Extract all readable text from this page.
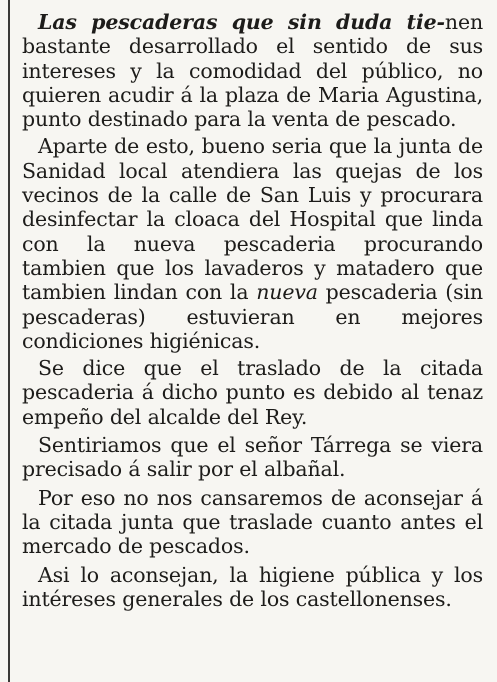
Las pescaderas que sin duda tie-nen bastante desarrollado el sentido de sus intereses y la comodidad del público, no quieren acudir á la plaza de Maria Agustina, punto destinado para la venta de pescado.

Aparte de esto, bueno seria que la junta de Sanidad local atendiera las quejas de los vecinos de la calle de San Luis y procurara desinfectar la cloaca del Hospital que linda con la nueva pescaderia procurando tambien que los lavaderos y matadero que tambien lindan con la nueva pescaderia (sin pescaderas) estuvieran en mejores condiciones higiénicas.

Se dice que el traslado de la citada pescaderia á dicho punto es debido al tenaz empeño del alcalde del Rey.

Sentiriamos que el señor Tárrega se viera precisado á salir por el albañal.

Por eso no nos cansaremos de aconsejar á la citada junta que traslade cuanto antes el mercado de pescados.

Asi lo aconsejan, la higiene pública y los intéreses generales de los castellonenses.
